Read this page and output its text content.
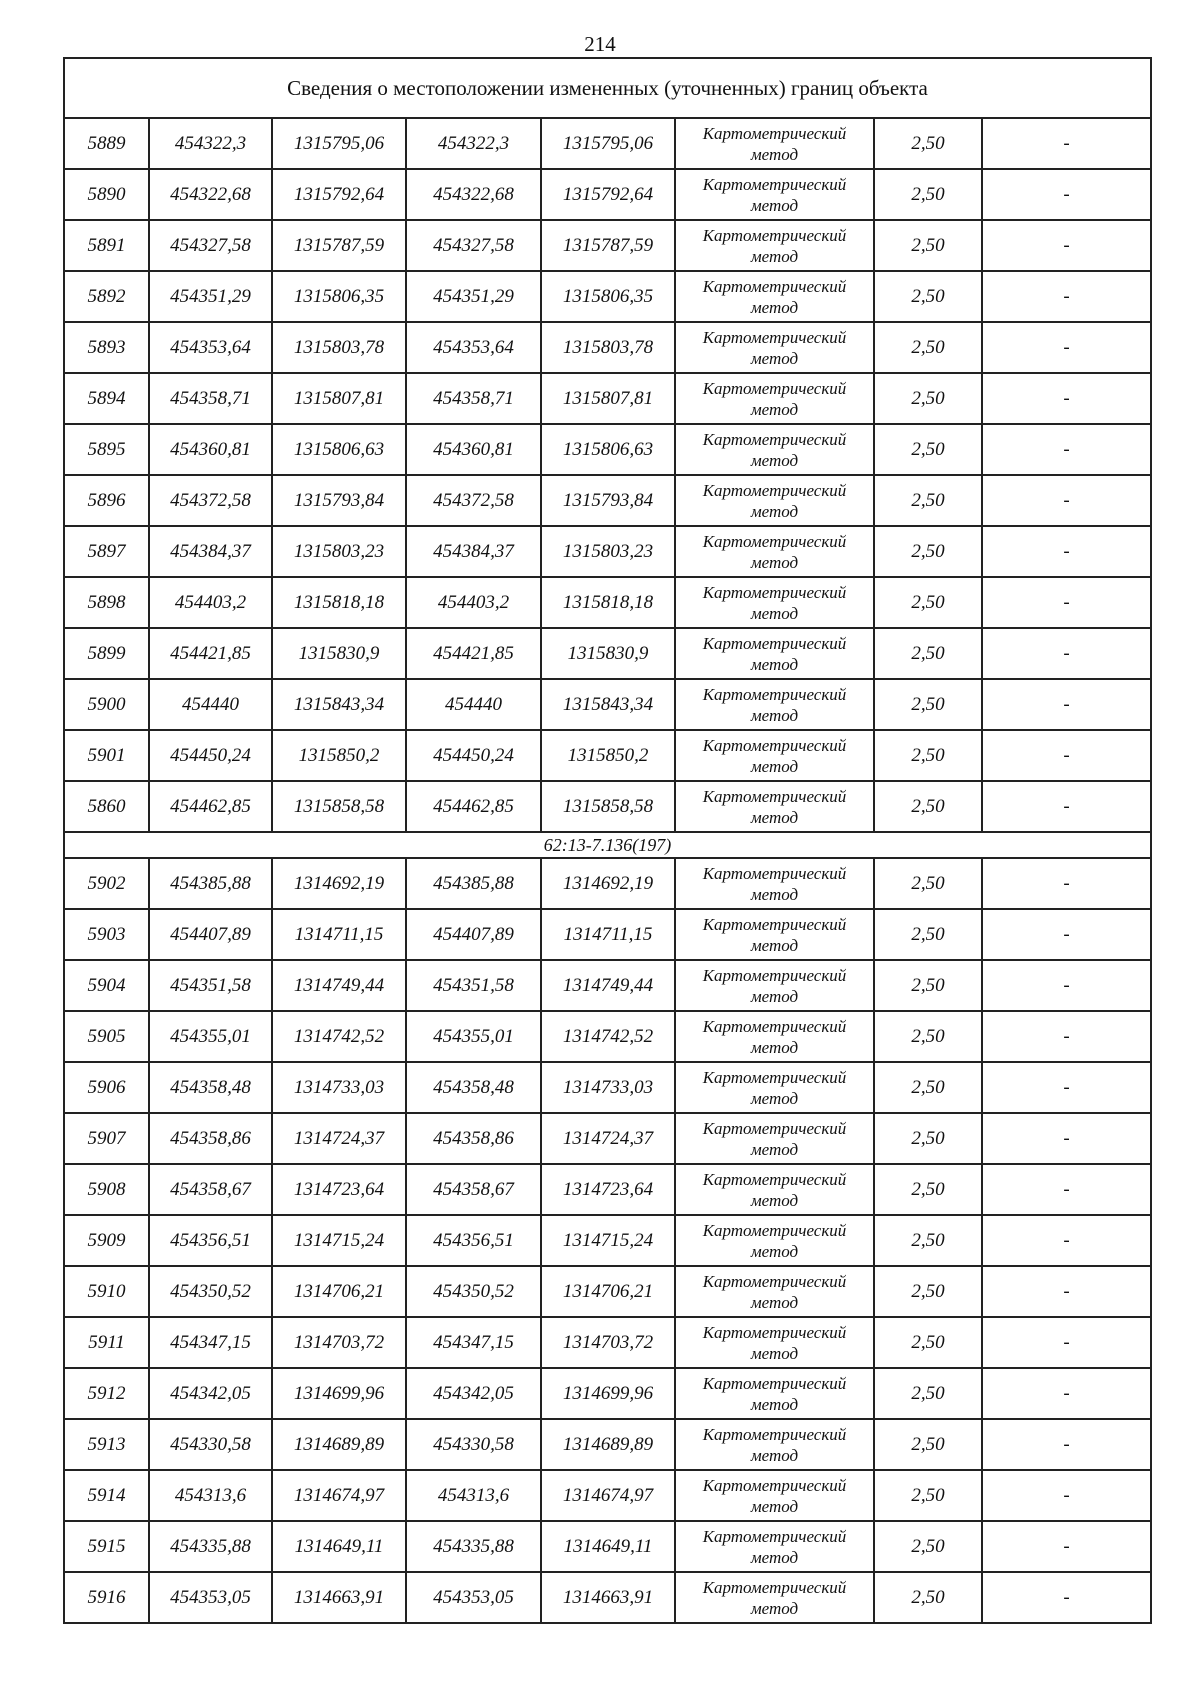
214
Сведения о местоположении измененных (уточненных) границ объекта							
5889	454322,3	1315795,06	454322,3	1315795,06	Картометрический
метод	2,50	-
5890	454322,68	1315792,64	454322,68	1315792,64	Картометрический
метод	2,50	-
5891	454327,58	1315787,59	454327,58	1315787,59	Картометрический
метод	2,50	-
5892	454351,29	1315806,35	454351,29	1315806,35	Картометрический
метод	2,50	-
5893	454353,64	1315803,78	454353,64	1315803,78	Картометрический
метод	2,50	-
5894	454358,71	1315807,81	454358,71	1315807,81	Картометрический
метод	2,50	-
5895	454360,81	1315806,63	454360,81	1315806,63	Картометрический
метод	2,50	-
5896	454372,58	1315793,84	454372,58	1315793,84	Картометрический
метод	2,50	-
5897	454384,37	1315803,23	454384,37	1315803,23	Картометрический
метод	2,50	-
5898	454403,2	1315818,18	454403,2	1315818,18	Картометрический
метод	2,50	-
5899	454421,85	1315830,9	454421,85	1315830,9	Картометрический
метод	2,50	-
5900	454440	1315843,34	454440	1315843,34	Картометрический
метод	2,50	-
5901	454450,24	1315850,2	454450,24	1315850,2	Картометрический
метод	2,50	-
5860	454462,85	1315858,58	454462,85	1315858,58	Картометрический
метод	2,50	-
62:13-7.136(197)							
5902	454385,88	1314692,19	454385,88	1314692,19	Картометрический
метод	2,50	-
5903	454407,89	1314711,15	454407,89	1314711,15	Картометрический
метод	2,50	-
5904	454351,58	1314749,44	454351,58	1314749,44	Картометрический
метод	2,50	-
5905	454355,01	1314742,52	454355,01	1314742,52	Картометрический
метод	2,50	-
5906	454358,48	1314733,03	454358,48	1314733,03	Картометрический
метод	2,50	-
5907	454358,86	1314724,37	454358,86	1314724,37	Картометрический
метод	2,50	-
5908	454358,67	1314723,64	454358,67	1314723,64	Картометрический
метод	2,50	-
5909	454356,51	1314715,24	454356,51	1314715,24	Картометрический
метод	2,50	-
5910	454350,52	1314706,21	454350,52	1314706,21	Картометрический
метод	2,50	-
5911	454347,15	1314703,72	454347,15	1314703,72	Картометрический
метод	2,50	-
5912	454342,05	1314699,96	454342,05	1314699,96	Картометрический
метод	2,50	-
5913	454330,58	1314689,89	454330,58	1314689,89	Картометрический
метод	2,50	-
5914	454313,6	1314674,97	454313,6	1314674,97	Картометрический
метод	2,50	-
5915	454335,88	1314649,11	454335,88	1314649,11	Картометрический
метод	2,50	-
5916	454353,05	1314663,91	454353,05	1314663,91	Картометрический
метод	2,50	-
